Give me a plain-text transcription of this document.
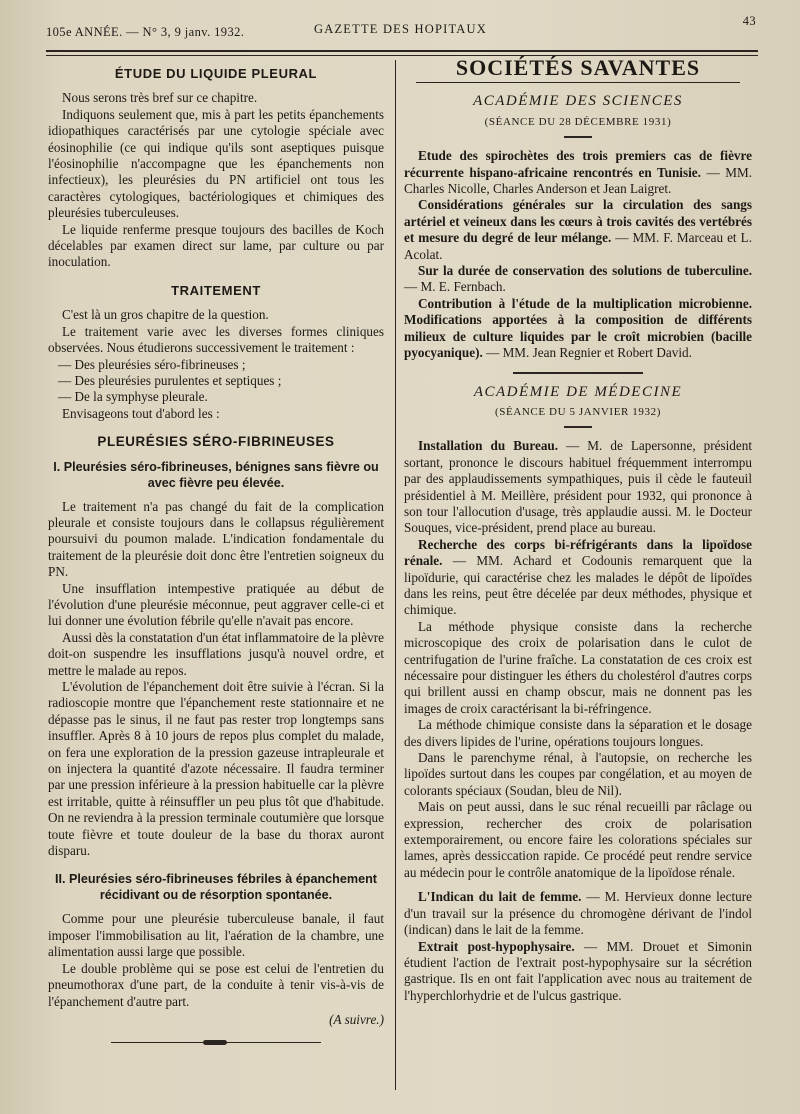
105e ANNÉE. — N° 3, 9 janv. 1932.	GAZETTE DES HOPITAUX
43
ÉTUDE DU LIQUIDE PLEURAL

Nous serons très bref sur ce chapitre.

Indiquons seulement que, mis à part les petits épanchements idiopathiques caractérisés par une cytologie spéciale avec éosinophilie (ce qui indique qu'ils sont aseptiques puisque l'éosinophilie n'accompagne que les épanchements non infectieux), les pleurésies du PN artificiel ont tous les caractères cytologiques, bactériologiques et chimiques des pleurésies tuberculeuses.

Le liquide renferme presque toujours des bacilles de Koch décelables par examen direct sur lame, par culture ou par inoculation.

TRAITEMENT

C'est là un gros chapitre de la question.

Le traitement varie avec les diverses formes cliniques observées. Nous étudierons successivement le traitement :

— Des pleurésies séro-fibrineuses ;

— Des pleurésies purulentes et septiques ;

— De la symphyse pleurale.

Envisageons tout d'abord les :

PLEURÉSIES SÉRO-FIBRINEUSES
I. Pleurésies séro-fibrineuses, bénignes sans fièvre ou avec fièvre peu élevée.

Le traitement n'a pas changé du fait de la complication pleurale et consiste toujours dans le collapsus régulièrement poursuivi du poumon malade. L'indication fondamentale du traitement de la pleurésie doit donc être l'entretien soigneux du PN.

Une insufflation intempestive pratiquée au début de l'évolution d'une pleurésie méconnue, peut aggraver celle-ci et lui donner une évolution fébrile qu'elle n'avait pas encore.

Aussi dès la constatation d'un état inflammatoire de la plèvre doit-on suspendre les insufflations jusqu'à nouvel ordre, et mettre le malade au repos.

L'évolution de l'épanchement doit être suivie à l'écran. Si la radioscopie montre que l'épanchement reste stationnaire et ne dépasse pas le sinus, il ne faut pas rester trop longtemps sans insuffler. Après 8 à 10 jours de repos plus complet du malade, on fera une exploration de la pression gazeuse intrapleurale et on injectera la quantité d'azote nécessaire. Il faudra terminer par une pression inférieure à la pression habituelle car la plèvre est irritable, quitte à réinsuffler un peu plus tôt que d'habitude. On ne reviendra à la pression terminale coutumière que lorsque toute fièvre et toute douleur de la base du thorax auront disparu.

II. Pleurésies séro-fibrineuses fébriles à épanchement récidivant ou de résorption spontanée.

Comme pour une pleurésie tuberculeuse banale, il faut imposer l'immobilisation au lit, l'aération de la chambre, une alimentation aussi large que possible.

Le double problème qui se pose est celui de l'entretien du pneumothorax d'une part, de la conduite à tenir vis-à-vis de l'épanchement d'autre part.

(A suivre.)
SOCIÉTÉS SAVANTES
ACADÉMIE DES SCIENCES
(SÉANCE DU 28 DÉCEMBRE 1931)

Etude des spirochètes des trois premiers cas de fièvre récurrente hispano-africaine rencontrés en Tunisie. — MM. Charles Nicolle, Charles Anderson et Jean Laigret.

Considérations générales sur la circulation des sangs artériel et veineux dans les cœurs à trois cavités des vertébrés et mesure du degré de leur mélange. — MM. F. Marceau et L. Acolat.

Sur la durée de conservation des solutions de tuberculine. — M. E. Fernbach.

Contribution à l'étude de la multiplication microbienne. Modifications apportées à la composition de différents milieux de culture liquides par le croît microbien (bacille pyocyanique). — MM. Jean Regnier et Robert David.

ACADÉMIE DE MÉDECINE
(SÉANCE DU 5 JANVIER 1932)

Installation du Bureau. — M. de Lapersonne, président sortant, prononce le discours habituel fréquemment interrompu par des applaudissements sympathiques, puis il cède le fauteuil présidentiel à M. Meillère, président pour 1932, qui prononce à son tour l'allocution d'usage, très applaudie aussi. M. le Docteur Souques, vice-président, prend place au bureau.

Recherche des corps bi-réfrigérants dans la lipoïdose rénale. — MM. Achard et Codounis remarquent que la lipoïdurie, qui caractérise chez les malades le dépôt de lipoïdes dans les reins, peut être décelée par deux méthodes, physique et chimique.

La méthode physique consiste dans la recherche microscopique des croix de polarisation dans le culot de centrifugation de l'urine fraîche. La constatation de ces croix est nécessaire pour distinguer les éthers du cholestérol d'autres corps qui brillent aussi en champ obscur, mais ne donnent pas les images de croix caractérisant la bi-réfringence.

La méthode chimique consiste dans la séparation et le dosage des divers lipides de l'urine, opérations toujours longues.

Dans le parenchyme rénal, à l'autopsie, on recherche les lipoïdes surtout dans les coupes par congélation, et au moyen de colorants spéciaux (Soudan, bleu de Nil).

Mais on peut aussi, dans le suc rénal recueilli par râclage ou expression, rechercher des croix de polarisation extemporairement, ou encore faire les colorations spéciales sur lames, après dessiccation rapide. Ce procédé peut rendre service au médecin pour le contrôle anatomique de la lipoïdose rénale.

L'Indican du lait de femme. — M. Hervieux donne lecture d'un travail sur la présence du chromogène dérivant de l'indol (indican) dans le lait de la femme.

Extrait post-hypophysaire. — MM. Drouet et Simonin étudient l'action de l'extrait post-hypophysaire sur la sécrétion gastrique. Ils en ont fait l'application avec nous au traitement de l'hyperchlorhydrie et de l'ulcus gastrique.
